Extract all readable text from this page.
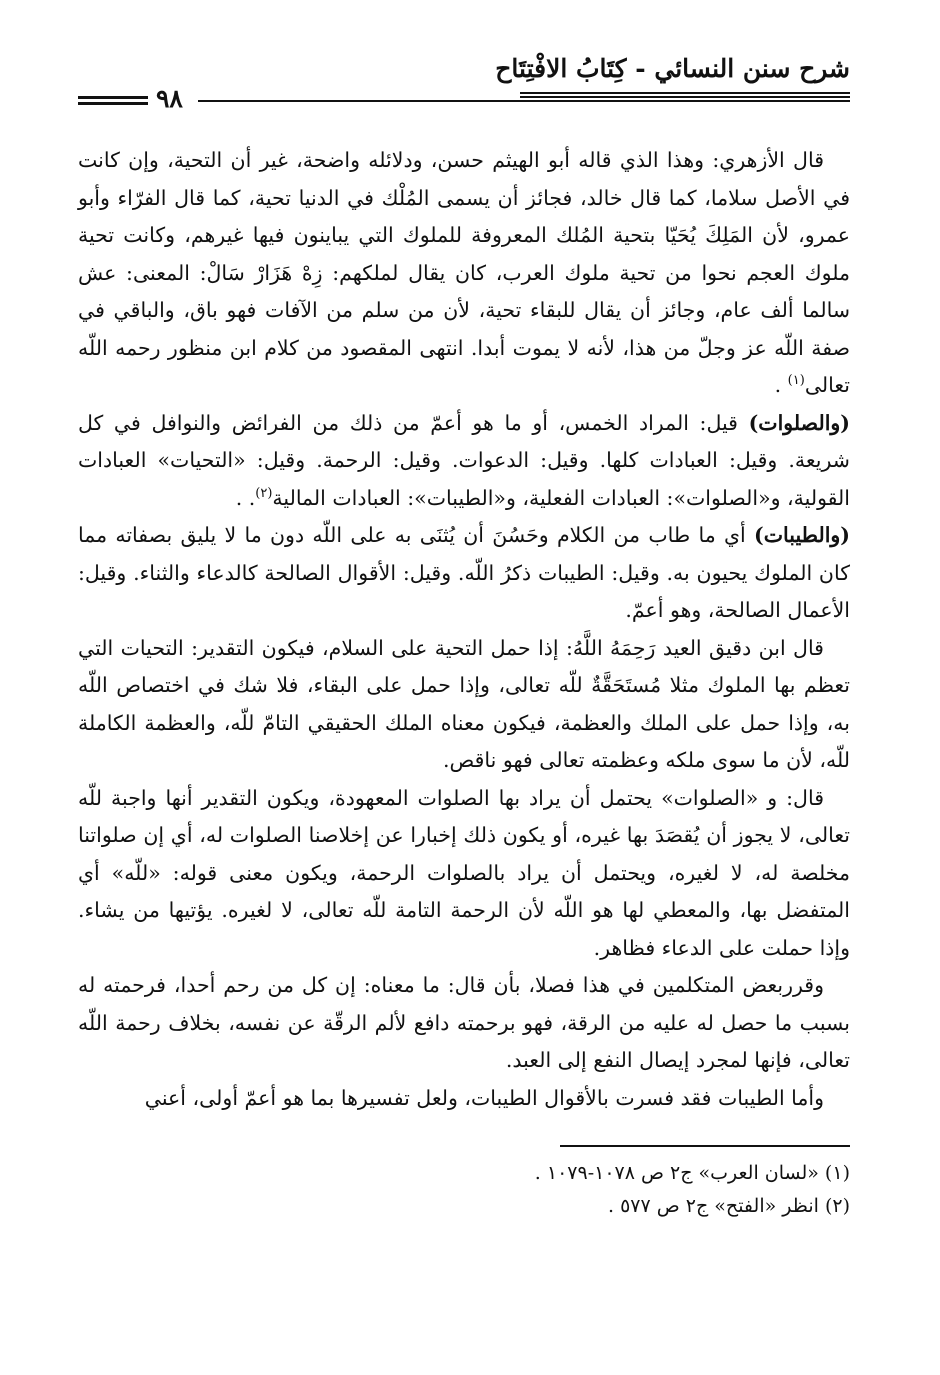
شرح سنن النسائي - كِتَابُ الافْتِتَاح
٩٨

قال الأزهري: وهذا الذي قاله أبو الهيثم حسن، ودلائله واضحة، غير أن التحية، وإن كانت في الأصل سلاما، كما قال خالد، فجائز أن يسمى المُلْك في الدنيا تحية، كما قال الفرّاء وأبو عمرو، لأن المَلِكَ يُحَيّا بتحية المُلك المعروفة للملوك التي يباينون فيها غيرهم، وكانت تحية ملوك العجم نحوا من تحية ملوك العرب، كان يقال لملكهم: زِهْ هَزَارْ سَالْ: المعنى: عش سالما ألف عام، وجائز أن يقال للبقاء تحية، لأن من سلم من الآفات فهو باق، والباقي في صفة اللّه عز وجلّ من هذا، لأنه لا يموت أبدا. انتهى المقصود من كلام ابن منظور رحمه اللّه تعالى$^{(١)}$ .

(والصلوات) قيل: المراد الخمس، أو ما هو أعمّ من ذلك من الفرائض والنوافل في كل شريعة. وقيل: العبادات كلها. وقيل: الدعوات. وقيل: الرحمة. وقيل: «التحيات» العبادات القولية، و«الصلوات»: العبادات الفعلية، و«الطيبات»: العبادات المالية$^{(٢)}$. .

(والطيبات) أي ما طاب من الكلام وحَسُنَ أن يُثنَى به على اللّه دون ما لا يليق بصفاته مما كان الملوك يحيون به. وقيل: الطيبات ذكرُ اللّه. وقيل: الأقوال الصالحة كالدعاء والثناء. وقيل: الأعمال الصالحة، وهو أعمّ.

قال ابن دقيق العيد رَحِمَهُ اللَّهُ: إذا حمل التحية على السلام، فيكون التقدير: التحيات التي تعظم بها الملوك مثلا مُستَحَقَّةٌ للّه تعالى، وإذا حمل على البقاء، فلا شك في اختصاص اللّه به، وإذا حمل على الملك والعظمة، فيكون معناه الملك الحقيقي التامّ للّه، والعظمة الكاملة للّه، لأن ما سوى ملكه وعظمته تعالى فهو ناقص.

قال: و «الصلوات» يحتمل أن يراد بها الصلوات المعهودة، ويكون التقدير أنها واجبة للّه تعالى، لا يجوز أن يُقصَدَ بها غيره، أو يكون ذلك إخبارا عن إخلاصنا الصلوات له، أي إن صلواتنا مخلصة له، لا لغيره، ويحتمل أن يراد بالصلوات الرحمة، ويكون معنى قوله: «للّه» أي المتفضل بها، والمعطي لها هو اللّه لأن الرحمة التامة للّه تعالى، لا لغيره. يؤتيها من يشاء. وإذا حملت على الدعاء فظاهر.

وقرربعض المتكلمين في هذا فصلا، بأن قال: ما معناه: إن كل من رحم أحدا، فرحمته له بسبب ما حصل له عليه من الرقة، فهو برحمته دافع لألم الرقّة عن نفسه، بخلاف رحمة اللّه تعالى، فإنها لمجرد إيصال النفع إلى العبد.

وأما الطيبات فقد فسرت بالأقوال الطيبات، ولعل تفسيرها بما هو أعمّ أولى، أعني

(١) «لسان العرب» ج٢ ص ١٠٧٨-١٠٧٩ .

(٢) انظر «الفتح» ج٢ ص ٥٧٧ .
